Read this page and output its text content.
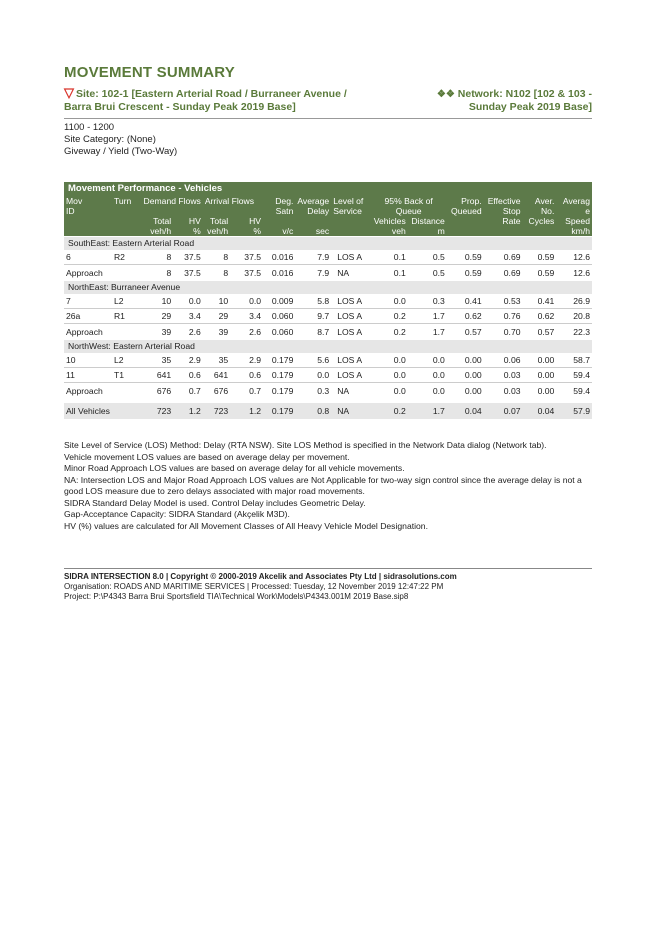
MOVEMENT SUMMARY
▽ Site: 102-1 [Eastern Arterial Road / Burraneer Avenue /
Barra Brui Crescent - Sunday Peak 2019 Base]
❖❖ Network: N102 [102 & 103 -
Sunday Peak 2019 Base]
1100 - 1200
Site Category: (None)
Giveway / Yield (Two-Way)
Movement Performance - Vehicles
Mov	Turn	Demand Flows		Arrival Flows		Deg.	Average	Level of	95% Back of		Prop.	Effective	Aver.	Averag
ID						Satn	Delay	Service	Queue		Queued	Stop	No.	e
		Total	HV	Total	HV				Vehicles	Distance		Rate	Cycles	Speed
		veh/h	%	veh/h	%	v/c	sec		veh	m				km/h
SouthEast: Eastern Arterial Road														
6	R2	8	37.5	8	37.5	0.016	7.9	LOS A	0.1	0.5	0.59	0.69	0.59	12.6
Approach		8	37.5	8	37.5	0.016	7.9	NA	0.1	0.5	0.59	0.69	0.59	12.6
NorthEast: Burraneer Avenue														
7	L2	10	0.0	10	0.0	0.009	5.8	LOS A	0.0	0.3	0.41	0.53	0.41	26.9
26a	R1	29	3.4	29	3.4	0.060	9.7	LOS A	0.2	1.7	0.62	0.76	0.62	20.8
Approach		39	2.6	39	2.6	0.060	8.7	LOS A	0.2	1.7	0.57	0.70	0.57	22.3
NorthWest: Eastern Arterial Road														
10	L2	35	2.9	35	2.9	0.179	5.6	LOS A	0.0	0.0	0.00	0.06	0.00	58.7
11	T1	641	0.6	641	0.6	0.179	0.0	LOS A	0.0	0.0	0.00	0.03	0.00	59.4
Approach		676	0.7	676	0.7	0.179	0.3	NA	0.0	0.0	0.00	0.03	0.00	59.4

All Vehicles		723	1.2	723	1.2	0.179	0.8	NA	0.2	1.7	0.04	0.07	0.04	57.9
Site Level of Service (LOS) Method: Delay (RTA NSW). Site LOS Method is specified in the Network Data dialog (Network tab).
Vehicle movement LOS values are based on average delay per movement.
Minor Road Approach LOS values are based on average delay for all vehicle movements.
NA: Intersection LOS and Major Road Approach LOS values are Not Applicable for two-way sign control since the average delay is not a good LOS measure due to zero delays associated with major road movements.
SIDRA Standard Delay Model is used. Control Delay includes Geometric Delay.
Gap-Acceptance Capacity: SIDRA Standard (Akçelik M3D).
HV (%) values are calculated for All Movement Classes of All Heavy Vehicle Model Designation.
SIDRA INTERSECTION 8.0 | Copyright © 2000-2019 Akcelik and Associates Pty Ltd | sidrasolutions.com
Organisation: ROADS AND MARITIME SERVICES | Processed: Tuesday, 12 November 2019 12:47:22 PM
Project: P:\P4343 Barra Brui Sportsfield TIA\Technical Work\Models\P4343.001M 2019 Base.sip8
